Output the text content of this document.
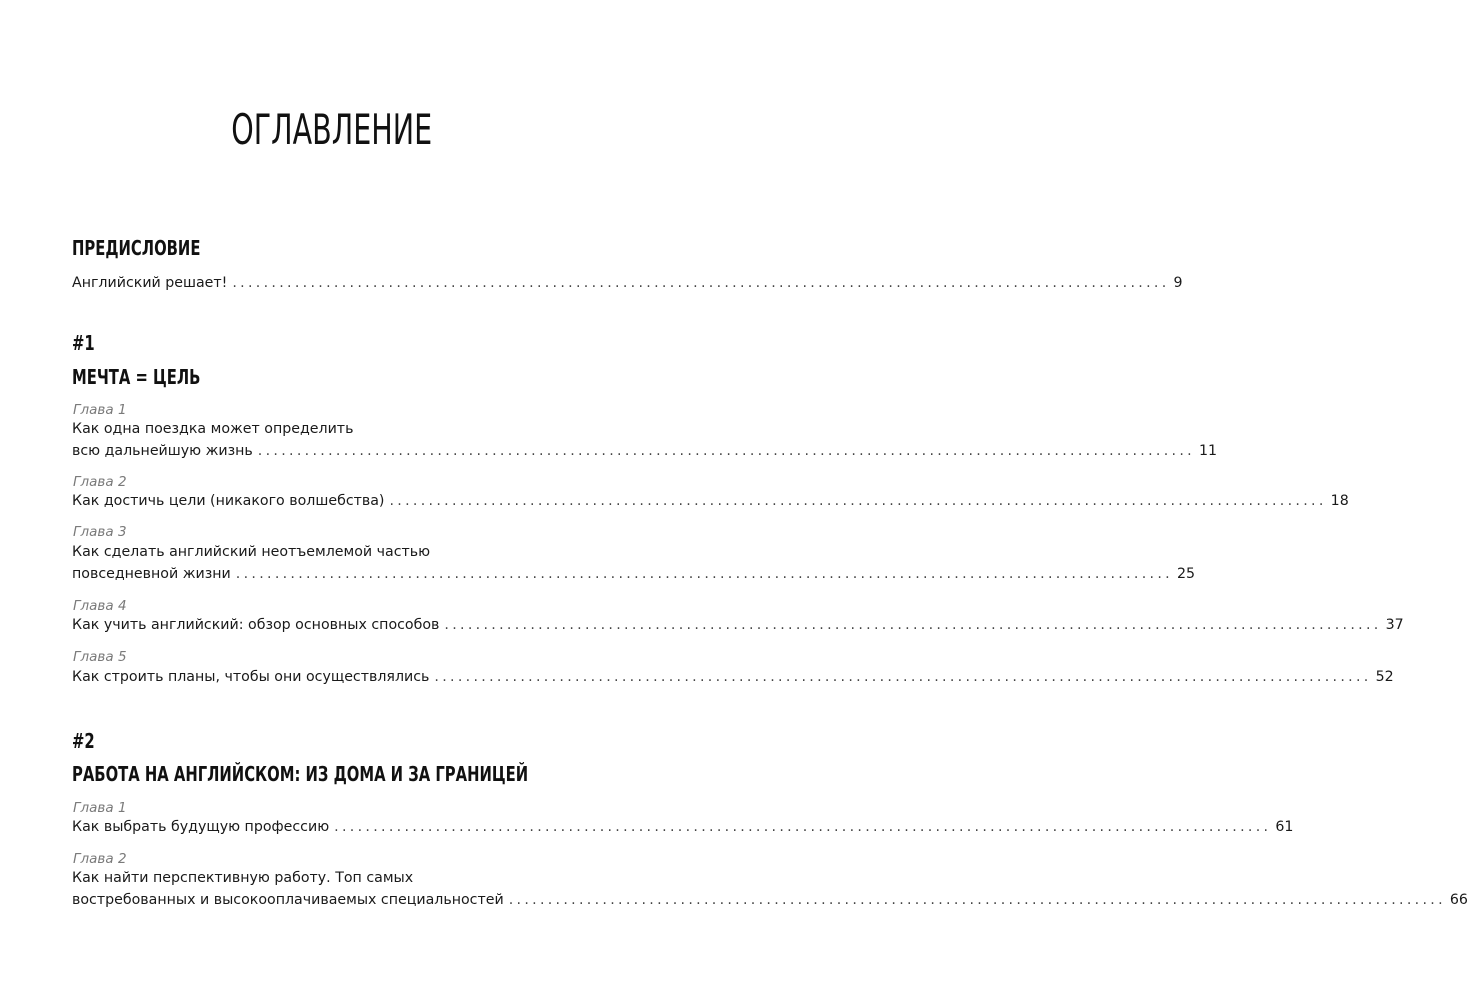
ОГЛАВЛЕНИЕ
ПРЕДИСЛОВИЕ
Английский решает! ........................................................................................................................ 9
#1
МЕЧТА = ЦЕЛЬ
Глава 1
Как одна поездка может определить
всю дальнейшую жизнь ........................................................................................................................ 11
Глава 2
Как достичь цели (никакого волшебства) ........................................................................................................................ 18
Глава 3
Как сделать английский неотъемлемой частью
повседневной жизни ........................................................................................................................ 25
Глава 4
Как учить английский: обзор основных способов ........................................................................................................................ 37
Глава 5
Как строить планы, чтобы они осуществлялись ........................................................................................................................ 52
#2
РАБОТА НА АНГЛИЙСКОМ: ИЗ ДОМА И ЗА ГРАНИЦЕЙ
Глава 1
Как выбрать будущую профессию ........................................................................................................................ 61
Глава 2
Как найти перспективную работу. Топ самых
востребованных и высокооплачиваемых специальностей ........................................................................................................................ 66
